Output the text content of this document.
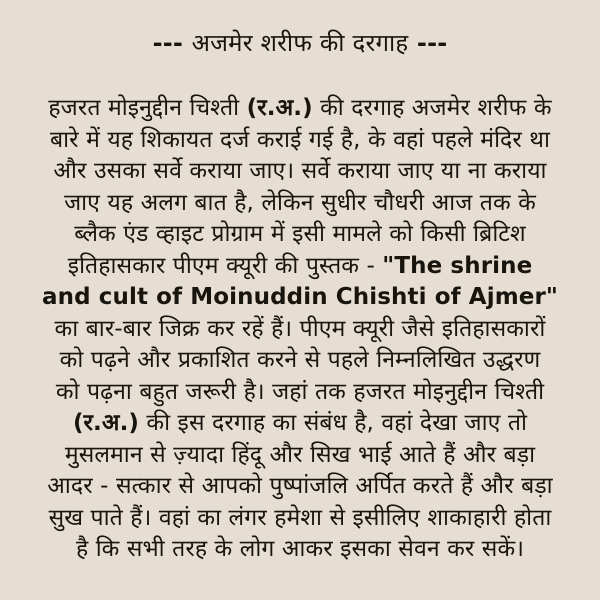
--- अजमेर शरीफ की दरगाह ---
हजरत मोइनुद्दीन चिश्ती (र.अ.) की दरगाह अजमेर शरीफ के
बारे में यह शिकायत दर्ज कराई गई है, के वहां पहले मंदिर था
और उसका सर्वे कराया जाए। सर्वे कराया जाए या ना कराया
जाए यह अलग बात है, लेकिन सुधीर चौधरी आज तक के
ब्लैक एंड व्हाइट प्रोग्राम में इसी मामले को किसी ब्रिटिश
इतिहासकार पीएम क्यूरी की पुस्तक - "The shrine
and cult of Moinuddin Chishti of Ajmer"
का बार-बार जिक्र कर रहें हैं। पीएम क्यूरी जैसे इतिहासकारों
को पढ़ने और प्रकाशित करने से पहले निम्नलिखित उद्धरण
को पढ़ना बहुत जरूरी है। जहां तक हजरत मोइनुद्दीन चिश्ती
(र.अ.) की इस दरगाह का संबंध है, वहां देखा जाए तो
मुसलमान से ज़्यादा हिंदू और सिख भाई आते हैं और बड़ा
आदर - सत्कार से आपको पुष्पांजलि अर्पित करते हैं और बड़ा
सुख पाते हैं। वहां का लंगर हमेशा से इसीलिए शाकाहारी होता
है कि सभी तरह के लोग आकर इसका सेवन कर सकें।
